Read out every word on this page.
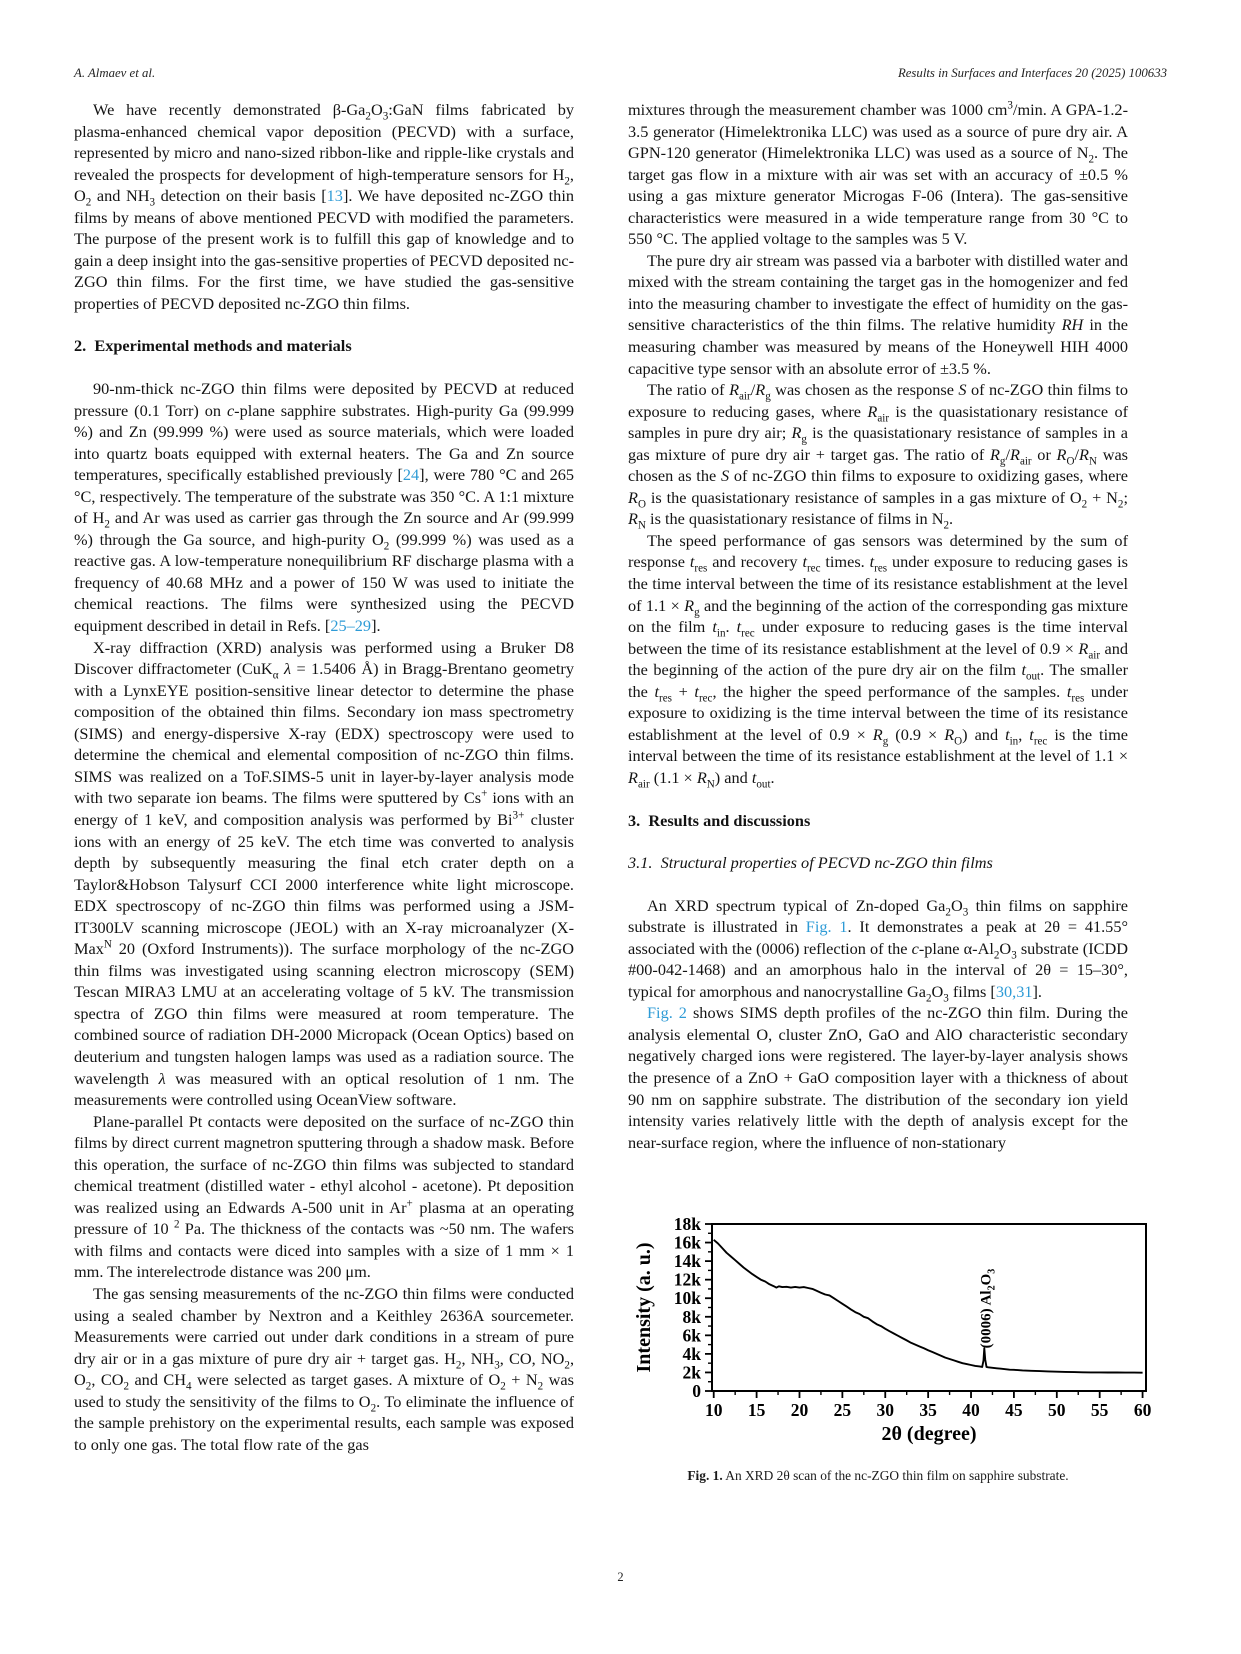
A. Almaev et al.	Results in Surfaces and Interfaces 20 (2025) 100633
We have recently demonstrated $\beta-Ga_2O_3:GaN$ films fabricated by plasma-enhanced chemical vapor deposition (PECVD) with a surface, represented by micro and nano-sized ribbon-like and ripple-like crystals and revealed the prospects for development of high-temperature sensors for $H_2$, $O_2$ and $NH_3$ detection on their basis [13]. We have deposited nc-ZGO thin films by means of above mentioned PECVD with modified the parameters. The purpose of the present work is to fulfill this gap of knowledge and to gain a deep insight into the gas-sensitive properties of PECVD deposited nc-ZGO thin films. For the first time, we have studied the gas-sensitive properties of PECVD deposited nc-ZGO thin films.
2.  Experimental methods and materials
90-nm-thick nc-ZGO thin films were deposited by PECVD at reduced pressure (0.1 Torr) on c-plane sapphire substrates. High-purity Ga (99.999 %) and Zn (99.999 %) were used as source materials, which were loaded into quartz boats equipped with external heaters. The Ga and Zn source temperatures, specifically established previously [24], were 780 °C and 265 °C, respectively. The temperature of the substrate was 350 °C. A 1:1 mixture of $H_2$ and Ar was used as carrier gas through the Zn source and Ar (99.999 %) through the Ga source, and high-purity $O_2$ (99.999 %) was used as a reactive gas. A low-temperature nonequilibrium RF discharge plasma with a frequency of 40.68 MHz and a power of 150 W was used to initiate the chemical reactions. The films were synthesized using the PECVD equipment described in detail in Refs. [25–29].
X-ray diffraction (XRD) analysis was performed using a Bruker D8 Discover diffractometer (CuK$_\alpha$ λ = 1.5406 Å) in Bragg-Brentano geometry with a LynxEYE position-sensitive linear detector to determine the phase composition of the obtained thin films. Secondary ion mass spectrometry (SIMS) and energy-dispersive X-ray (EDX) spectroscopy were used to determine the chemical and elemental composition of nc-ZGO thin films. SIMS was realized on a ToF.SIMS-5 unit in layer-by-layer analysis mode with two separate ion beams. The films were sputtered by Cs+ ions with an energy of 1 keV, and composition analysis was performed by $Bi^{3+}$ cluster ions with an energy of 25 keV. The etch time was converted to analysis depth by subsequently measuring the final etch crater depth on a Taylor&Hobson Talysurf CCI 2000 interference white light microscope. EDX spectroscopy of nc-ZGO thin films was performed using a JSM-IT300LV scanning microscope (JEOL) with an X-ray microanalyzer (X-Max$^N$ 20 (Oxford Instruments)). The surface morphology of the nc-ZGO thin films was investigated using scanning electron microscopy (SEM) Tescan MIRA3 LMU at an accelerating voltage of 5 kV. The transmission spectra of ZGO thin films were measured at room temperature. The combined source of radiation DH-2000 Micropack (Ocean Optics) based on deuterium and tungsten halogen lamps was used as a radiation source. The wavelength λ was measured with an optical resolution of 1 nm. The measurements were controlled using OceanView software.
Plane-parallel Pt contacts were deposited on the surface of nc-ZGO thin films by direct current magnetron sputtering through a shadow mask. Before this operation, the surface of nc-ZGO thin films was subjected to standard chemical treatment (distilled water - ethyl alcohol - acetone). Pt deposition was realized using an Edwards A-500 unit in Ar+ plasma at an operating pressure of 10 $^2$ Pa. The thickness of the contacts was ~50 nm. The wafers with films and contacts were diced into samples with a size of 1 mm × 1 mm. The interelectrode distance was 200 μm.
The gas sensing measurements of the nc-ZGO thin films were conducted using a sealed chamber by Nextron and a Keithley 2636A sourcemeter. Measurements were carried out under dark conditions in a stream of pure dry air or in a gas mixture of pure dry air + target gas. $H_2$, $NH_3$, CO, $NO_2$, $O_2$, $CO_2$ and $CH_4$ were selected as target gases. A mixture of $O_2 + N_2$ was used to study the sensitivity of the films to $O_2$. To eliminate the influence of the sample prehistory on the experimental results, each sample was exposed to only one gas. The total flow rate of the gas
mixtures through the measurement chamber was 1000 $cm^3/\min$. A GPA-1.2-3.5 generator (Himelektronika LLC) was used as a source of pure dry air. A GPN-120 generator (Himelektronika LLC) was used as a source of $N_2$. The target gas flow in a mixture with air was set with an accuracy of ±0.5 % using a gas mixture generator Microgas F-06 (Intera). The gas-sensitive characteristics were measured in a wide temperature range from 30 °C to 550 °C. The applied voltage to the samples was 5 V.
The pure dry air stream was passed via a barboter with distilled water and mixed with the stream containing the target gas in the homogenizer and fed into the measuring chamber to investigate the effect of humidity on the gas-sensitive characteristics of the thin films. The relative humidity RH in the measuring chamber was measured by means of the Honeywell HIH 4000 capacitive type sensor with an absolute error of ±3.5 %.
The ratio of $R_{air}/R_g$ was chosen as the response S of nc-ZGO thin films to exposure to reducing gases, where $R_{air}$ is the quasistationary resistance of samples in pure dry air; $R_g$ is the quasistationary resistance of samples in a gas mixture of pure dry air + target gas. The ratio of $R_g/R_{air}$ or $R_O/R_N$ was chosen as the S of nc-ZGO thin films to exposure to oxidizing gases, where $R_O$ is the quasistationary resistance of samples in a gas mixture of $O_2 + N_2$; $R_N$ is the quasistationary resistance of films in $N_2$.
The speed performance of gas sensors was determined by the sum of response $t_{res}$ and recovery $t_{rec}$ times. $t_{res}$ under exposure to reducing gases is the time interval between the time of its resistance establishment at the level of $1.1 \times R_g$ and the beginning of the action of the corresponding gas mixture on the film $t_{in}$. $t_{rec}$ under exposure to reducing gases is the time interval between the time of its resistance establishment at the level of $0.9 \times R_{air}$ and the beginning of the action of the pure dry air on the film $t_{out}$. The smaller the $t_{res} + t_{rec}$, the higher the speed performance of the samples. $t_{res}$ under exposure to oxidizing is the time interval between the time of its resistance establishment at the level of $0.9 \times R_g$ $(0.9 \times R_O)$ and $t_{in}$, $t_{rec}$ is the time interval between the time of its resistance establishment at the level of $1.1 \times R_{air}$ $(1.1 \times R_N)$ and $t_{out}$.
3.  Results and discussions
3.1.  Structural properties of PECVD nc-ZGO thin films
An XRD spectrum typical of Zn-doped $Ga_2O_3$ thin films on sapphire substrate is illustrated in Fig. 1. It demonstrates a peak at 2θ = 41.55° associated with the (0006) reflection of the c-plane $\alpha-Al_2O_3$ substrate (ICDD #00-042-1468) and an amorphous halo in the interval of 2θ = 15–30°, typical for amorphous and nanocrystalline $Ga_2O_3$ films [30,31].
Fig. 2 shows SIMS depth profiles of the nc-ZGO thin film. During the analysis elemental O, cluster ZnO, GaO and AlO characteristic secondary negatively charged ions were registered. The layer-by-layer analysis shows the presence of a ZnO + GaO composition layer with a thickness of about 90 nm on sapphire substrate. The distribution of the secondary ion yield intensity varies relatively little with the depth of analysis except for the near-surface region, where the influence of non-stationary
10 15 20 25 30 35 40 45 50 55 60
0
2k
4k
6k
8k
10k
12k
14k
16k
18k
(0006) $Al_2O_3$
2θ (degree)
Intensity (a. u.)
Fig. 1. An XRD 2θ scan of the nc-ZGO thin film on sapphire substrate.
2
